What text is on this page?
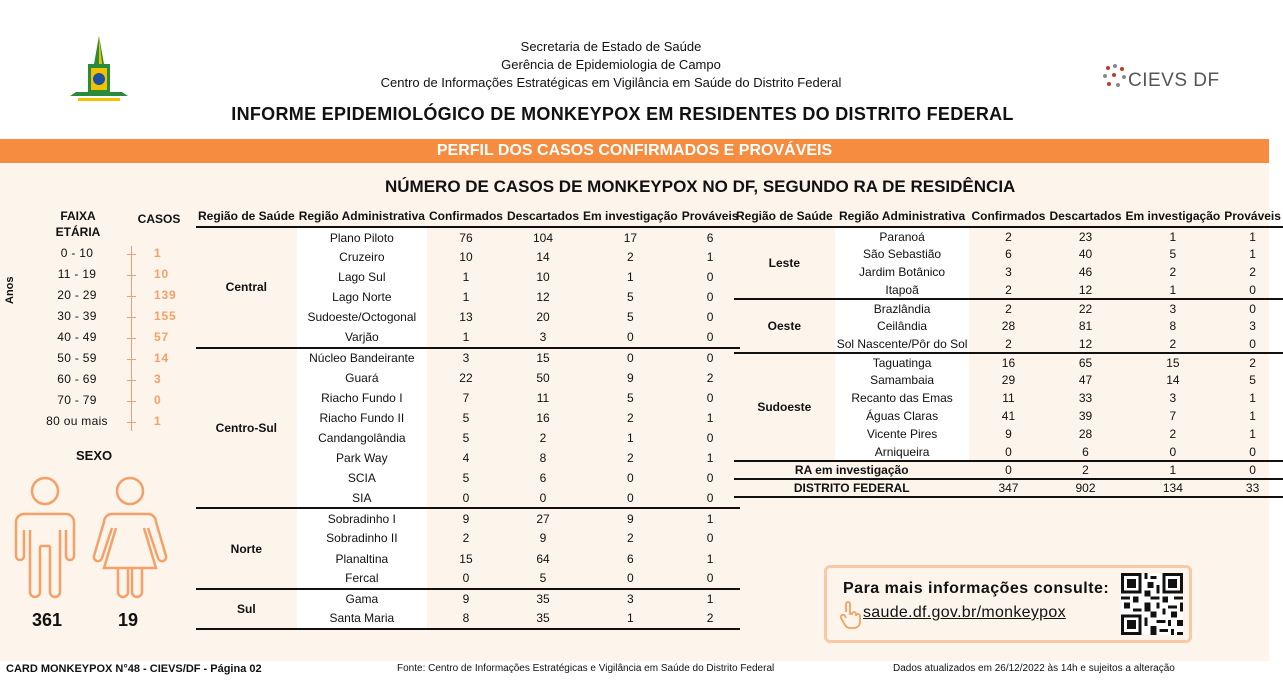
CIEVS DF
Secretaria de Estado de Saúde
Gerência de Epidemiologia de Campo
Centro de Informações Estratégicas em Vigilância em Saúde do Distrito Federal
INFORME EPIDEMIOLÓGICO DE MONKEYPOX EM RESIDENTES DO DISTRITO FEDERAL
PERFIL DOS CASOS CONFIRMADOS E PROVÁVEIS
NÚMERO DE CASOS DE MONKEYPOX NO DF, SEGUNDO RA DE RESIDÊNCIA
FAIXA ETÁRIA
CASOS
Anos
0 - 10	1
11 - 19	10
20 - 29	139
30 - 39	155
40 - 49	57
50 - 59	14
60 - 69	3
70 - 79	0
80 ou mais	1
SEXO
361	19
Região de Saúde	Região Administrativa	Confirmados	Descartados	Em investigação	Prováveis
Central	Plano Piloto	76	104	17	6
	Cruzeiro	10	14	2	1
	Lago Sul	1	10	1	0
	Lago Norte	1	12	5	0
	Sudoeste/Octogonal	13	20	5	0
	Varjão	1	3	0	0
Centro-Sul	Núcleo Bandeirante	3	15	0	0
	Guará	22	50	9	2
	Riacho Fundo I	7	11	5	0
	Riacho Fundo II	5	16	2	1
	Candangolândia	5	2	1	0
	Park Way	4	8	2	1
	SCIA	5	6	0	0
	SIA	0	0	0	0
Norte	Sobradinho I	9	27	9	1
	Sobradinho II	2	9	2	0
	Planaltina	15	64	6	1
	Fercal	0	5	0	0
Sul	Gama	9	35	3	1
	Santa Maria	8	35	1	2
Região de Saúde	Região Administrativa	Confirmados	Descartados	Em investigação	Prováveis
Leste	Paranoá	2	23	1	1
	São Sebastião	6	40	5	1
	Jardim Botânico	3	46	2	2
	Itapoã	2	12	1	0
Oeste	Brazlândia	2	22	3	0
	Ceilândia	28	81	8	3
	Sol Nascente/Pôr do Sol	2	12	2	0
Sudoeste	Taguatinga	16	65	15	2
	Samambaia	29	47	14	5
	Recanto das Emas	11	33	3	1
	Águas Claras	41	39	7	1
	Vicente Pires	9	28	2	1
	Arniqueira	0	6	0	0
RA em investigação		0	2	1	0
DISTRITO FEDERAL		347	902	134	33
Para mais informações consulte:
saude.df.gov.br/monkeypox
CARD MONKEYPOX N°48 - CIEVS/DF - Página 02	Fonte: Centro de Informações Estratégicas e Vigilância em Saúde do Distrito Federal	Dados atualizados em 26/12/2022 às 14h e sujeitos a alteração
